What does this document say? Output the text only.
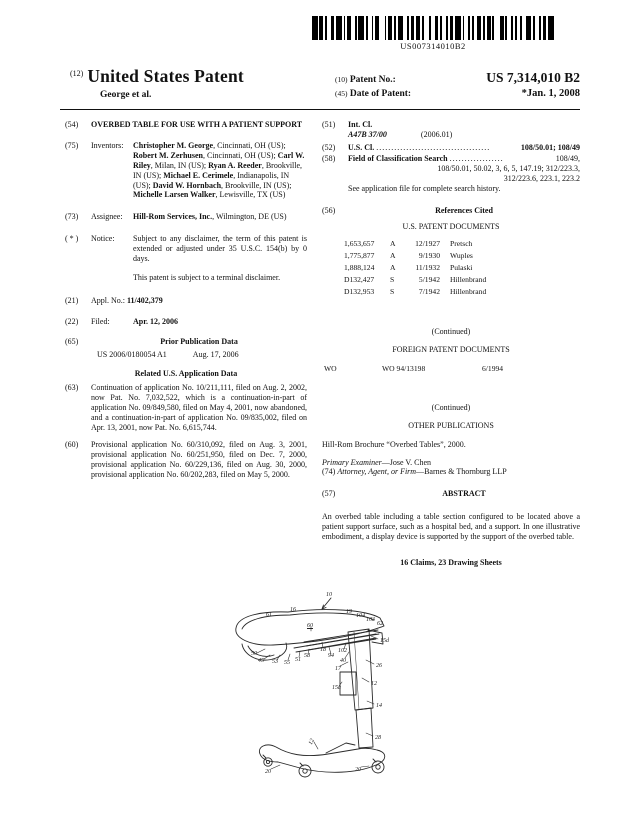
US007314010B2
$^{(12)}$ United States Patent
George et al.
(10) Patent No.:	US 7,314,010 B2
(45) Date of Patent:	*Jan. 1, 2008
(54)	OVERBED TABLE FOR USE WITH A PATIENT SUPPORT
(75)	Inventors:	Christopher M. George, Cincinnati, OH (US); Robert M. Zerhusen, Cincinnati, OH (US); Carl W. Riley, Milan, IN (US); Ryan A. Reeder, Brookville, IN (US); Michael E. Cerimele, Indianapolis, IN (US); David W. Hornbach, Brookville, IN (US); Michelle Larsen Walker, Lewisville, TX (US)
(73)	Assignee:	Hill-Rom Services, Inc., Wilmington, DE (US)
( * )	Notice:	Subject to any disclaimer, the term of this patent is extended or adjusted under 35 U.S.C. 154(b) by 0 days.
This patent is subject to a terminal disclaimer.
(21)	Appl. No.: 11/402,379
(22)	Filed:	Apr. 12, 2006
(65)	Prior Publication Data
US 2006/0180054 A1	Aug. 17, 2006
Related U.S. Application Data
(63)	Continuation of application No. 10/211,111, filed on Aug. 2, 2002, now Pat. No. 7,032,522, which is a continuation-in-part of application No. 09/849,580, filed on May 4, 2001, now abandoned, and a continuation-in-part of application No. 09/835,002, filed on Apr. 13, 2001, now Pat. No. 6,615,744.
(60)	Provisional application No. 60/310,092, filed on Aug. 3, 2001, provisional application No. 60/251,950, filed on Dec. 7, 2000, provisional application No. 60/229,136, filed on Aug. 30, 2000, provisional application No. 60/202,283, filed on May 5, 2000.
(51)	Int. Cl.
A47B 37/00	(2006.01)
(52)	U.S. Cl. ......................................	108/50.01; 108/49
(58)	Field of Classification Search ..................	108/49,
108/50.01, 50.02, 3, 6, 5, 147.19; 312/223.3,
312/223.6, 223.1, 223.2
See application file for complete search history.
(56)	References Cited
U.S. PATENT DOCUMENTS
1,653,657	A	12/1927 Pretsch
1,775,877	A	9/1930 Wuples
1,888,124	A	11/1932 Pulaski
D132,427	S	5/1942 Hillenbrand
D132,953	S	7/1942 Hillenbrand
(Continued)
FOREIGN PATENT DOCUMENTS
WO	WO 94/13198	6/1994
(Continued)
OTHER PUBLICATIONS
Hill-Rom Brochure “Overbed Tables”, 2000.
Primary Examiner—Jose V. Chen
(74) Attorney, Agent, or Firm—Barnes & Thornburg LLP
(57)	ABSTRACT
An overbed table including a table section configured to be located above a patient support surface, such as a hospital bed, and a support. In one illustrative embodiment, a display device is supported by the support of the overbed table.
16 Claims, 23 Drawing Sheets
10
16
61
60
19
104
103
62
15d
50
45 53 55 51
58
18
94
102
40
17	26
15a
12
14
28
12
20	20
